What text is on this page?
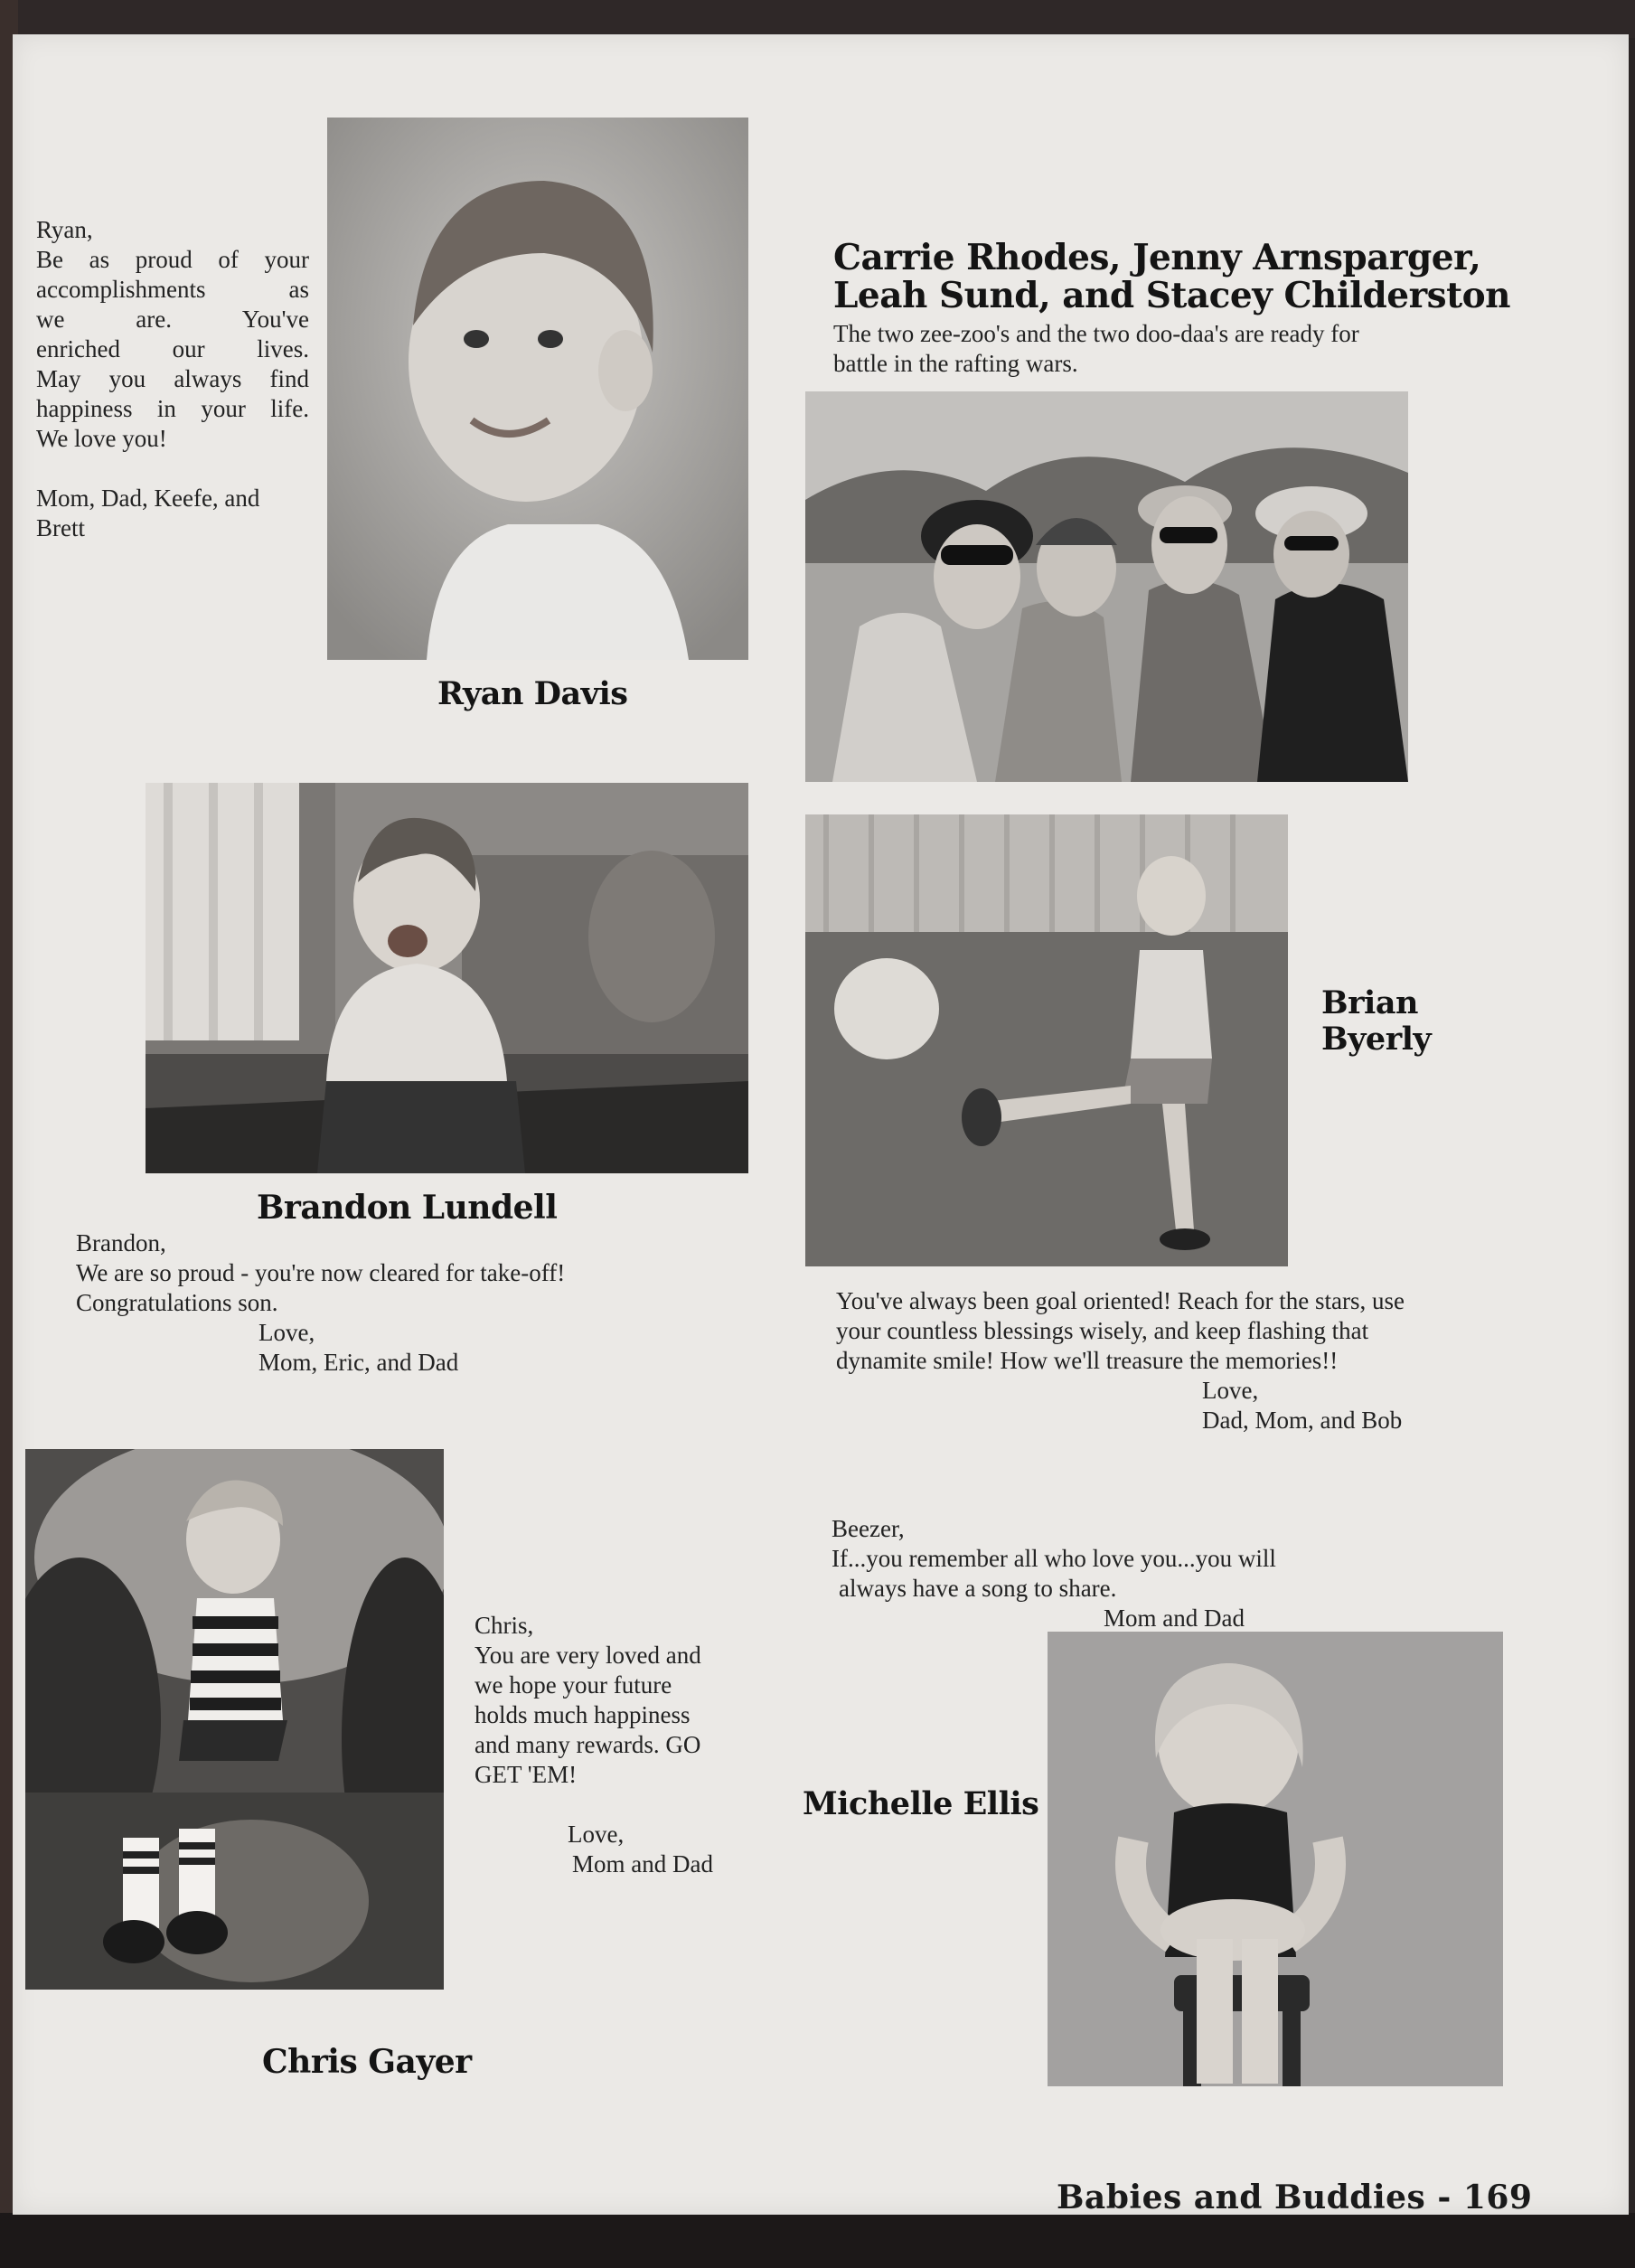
Ryan,
Be as proud of your
accomplishments as
we are. You've
enriched our lives.
May you always find
happiness in your life.
We love you!
Mom, Dad, Keefe, and
Brett

Ryan Davis

Carrie Rhodes, Jenny Arnsparger,

Leah Sund, and Stacey Childerston

The two zee-zoo's and the two doo-daa's are ready for
battle in the rafting wars.

Brandon Lundell

Brandon,
We are so proud - you're now cleared for take-off!
Congratulations son.
Love,
Mom, Eric, and Dad

Brian

Byerly

You've always been goal oriented! Reach for the stars, use
your countless blessings wisely, and keep flashing that
dynamite smile! How we'll treasure the memories!!
Love,
Dad, Mom, and Bob
Chris,
You are very loved and
we hope your future
holds much happiness
and many rewards. GO
GET 'EM!
Love,
Mom and Dad

Chris Gayer

Beezer,
If...you remember all who love you...you will
always have a song to share.
Mom and Dad

Michelle Ellis

Babies and Buddies - 169
